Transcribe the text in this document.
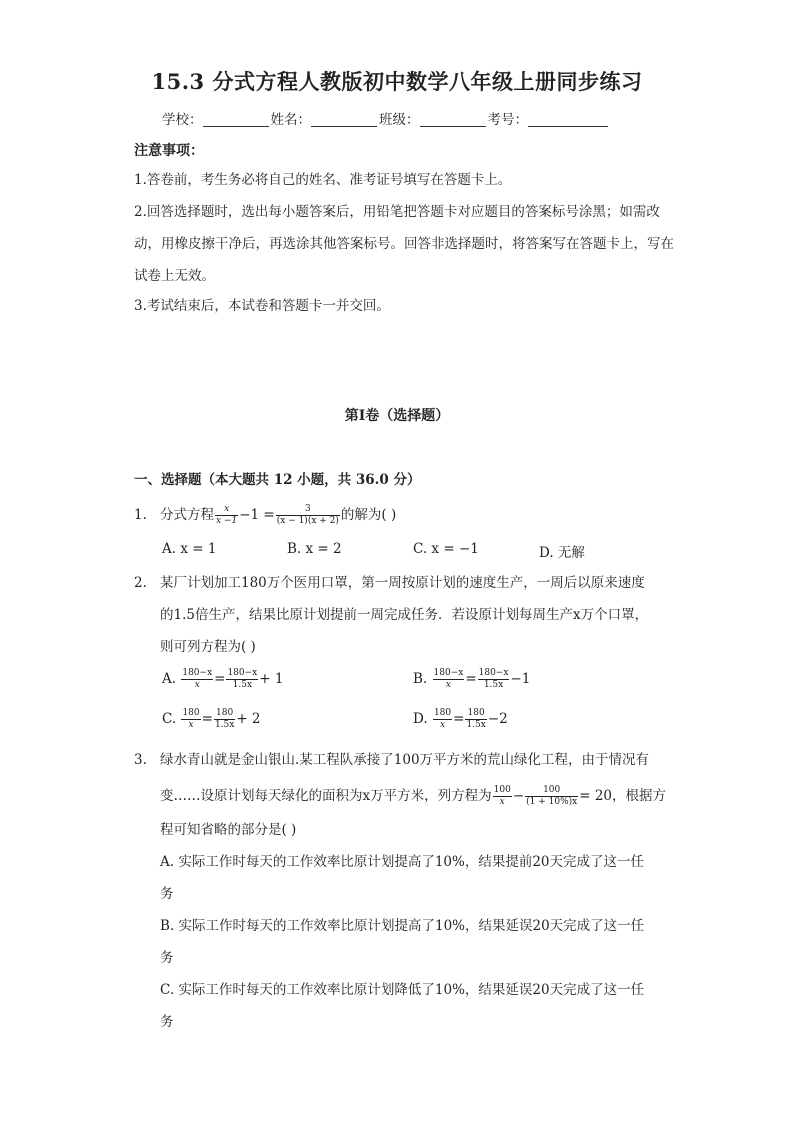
15.3 分式方程人教版初中数学八年级上册同步练习
学校：	姓名：	班级：	考号：
注意事项：
1.答卷前，考生务必将自己的姓名、准考证号填写在答题卡上。
2.回答选择题时，选出每小题答案后，用铅笔把答题卡对应题目的答案标号涂黑；如需改动，用橡皮擦干净后，再选涂其他答案标号。回答非选择题时，将答案写在答题卡上，写在试卷上无效。
3.考试结束后，本试卷和答题卡一并交回。
第I卷（选择题）
一、选择题（本大题共 12 小题，共 36.0 分）
1. 分式方程 $\frac{x}{x -1} -1 = \frac{3}{(x - 1)(x + 2)}$ 的解为( )
A. x = 1	B. x = 2	C. x = −1	D. 无解
2. 某厂计划加工180万个医用口罩，第一周按原计划的速度生产，一周后以原来速度
的1.5倍生产，结果比原计划提前一周完成任务．若设原计划每周生产x万个口罩，
则可列方程为( )
A. $\frac{180-x}{x} = \frac{180-x}{1.5x} + 1$	B. $\frac{180-x}{x} = \frac{180-x}{1.5x} -1$
C. $\frac{180}{x} = \frac{180}{1.5x} + 2$	D. $\frac{180}{x} = \frac{180}{1.5x} -2$
3. 绿水青山就是金山银山.某工程队承接了100万平方米的荒山绿化工程，由于情况有
变……设原计划每天绿化的面积为x万平方米，列方程为 $\frac{100}{x} - \frac{100}{(1 + 10\%)x} = 20$，根据方
程可知省略的部分是( )
A. 实际工作时每天的工作效率比原计划提高了10%，结果提前20天完成了这一任
务
B. 实际工作时每天的工作效率比原计划提高了10%，结果延误20天完成了这一任
务
C. 实际工作时每天的工作效率比原计划降低了10%，结果延误20天完成了这一任
务
